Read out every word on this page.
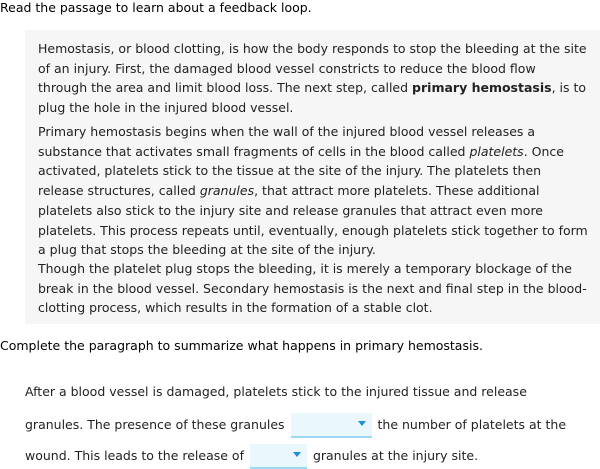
Read the passage to learn about a feedback loop.

Hemostasis, or blood clotting, is how the body responds to stop the bleeding at the site of an injury. First, the damaged blood vessel constricts to reduce the blood flow through the area and limit blood loss. The next step, called primary hemostasis, is to plug the hole in the injured blood vessel.

Primary hemostasis begins when the wall of the injured blood vessel releases a substance that activates small fragments of cells in the blood called platelets. Once activated, platelets stick to the tissue at the site of the injury. The platelets then release structures, called granules, that attract more platelets. These additional platelets also stick to the injury site and release granules that attract even more platelets. This process repeats until, eventually, enough platelets stick together to form a plug that stops the bleeding at the site of the injury.

Though the platelet plug stops the bleeding, it is merely a temporary blockage of the break in the blood vessel. Secondary hemostasis is the next and final step in the blood-clotting process, which results in the formation of a stable clot.

Complete the paragraph to summarize what happens in primary hemostasis.
After a blood vessel is damaged, platelets stick to the injured tissue and release
granules. The presence of these granules	the number of platelets at the
wound. This leads to the release of	granules at the injury site.
